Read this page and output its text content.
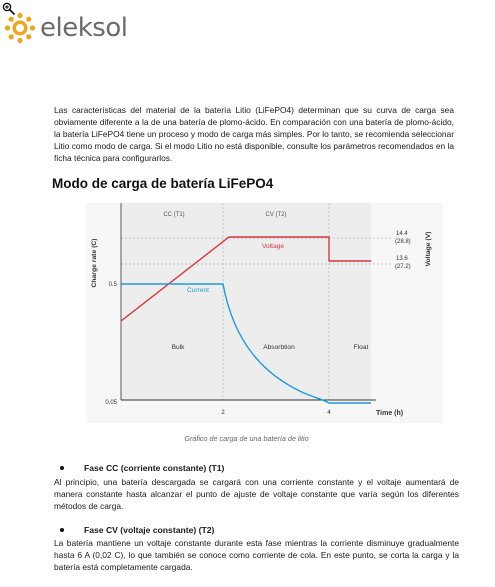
eleksol

Las características del material de la batería Litio (LiFePO4) determinan que su curva de carga sea obviamente diferente a la de una batería de plomo-ácido. En comparación con una batería de plomo-ácido, la batería LiFePO4 tiene un proceso y modo de carga más simples. Por lo tanto, se recomienda seleccionar Litio como modo de carga. Si el modo Litio no está disponible, consulte los parámetros recomendados en la ficha técnica para configurarlos.

Modo de carga de batería LiFePO4
CC (T1)	CV (T2)
Charge rate (C)	Voltage (V)
0.5
0.05
2	4	Time (h)
14.4
(28.8)
13.6
(27.2)
Voltage
Current
Bulk	Absorbtion	Float

Gráfico de carga de una batería de litio

Fase CC (corriente constante) (T1)

Al principio, una batería descargada se cargará con una corriente constante y el voltaje aumentará de manera constante hasta alcanzar el punto de ajuste de voltaje constante que varía según los diferentes métodos de carga.

Fase CV (voltaje constante) (T2)

La batería mantiene un voltaje constante durante esta fase mientras la corriente disminuye gradualmente hasta 6 A (0,02 C), lo que también se conoce como corriente de cola. En este punto, se corta la carga y la batería está completamente cargada.
